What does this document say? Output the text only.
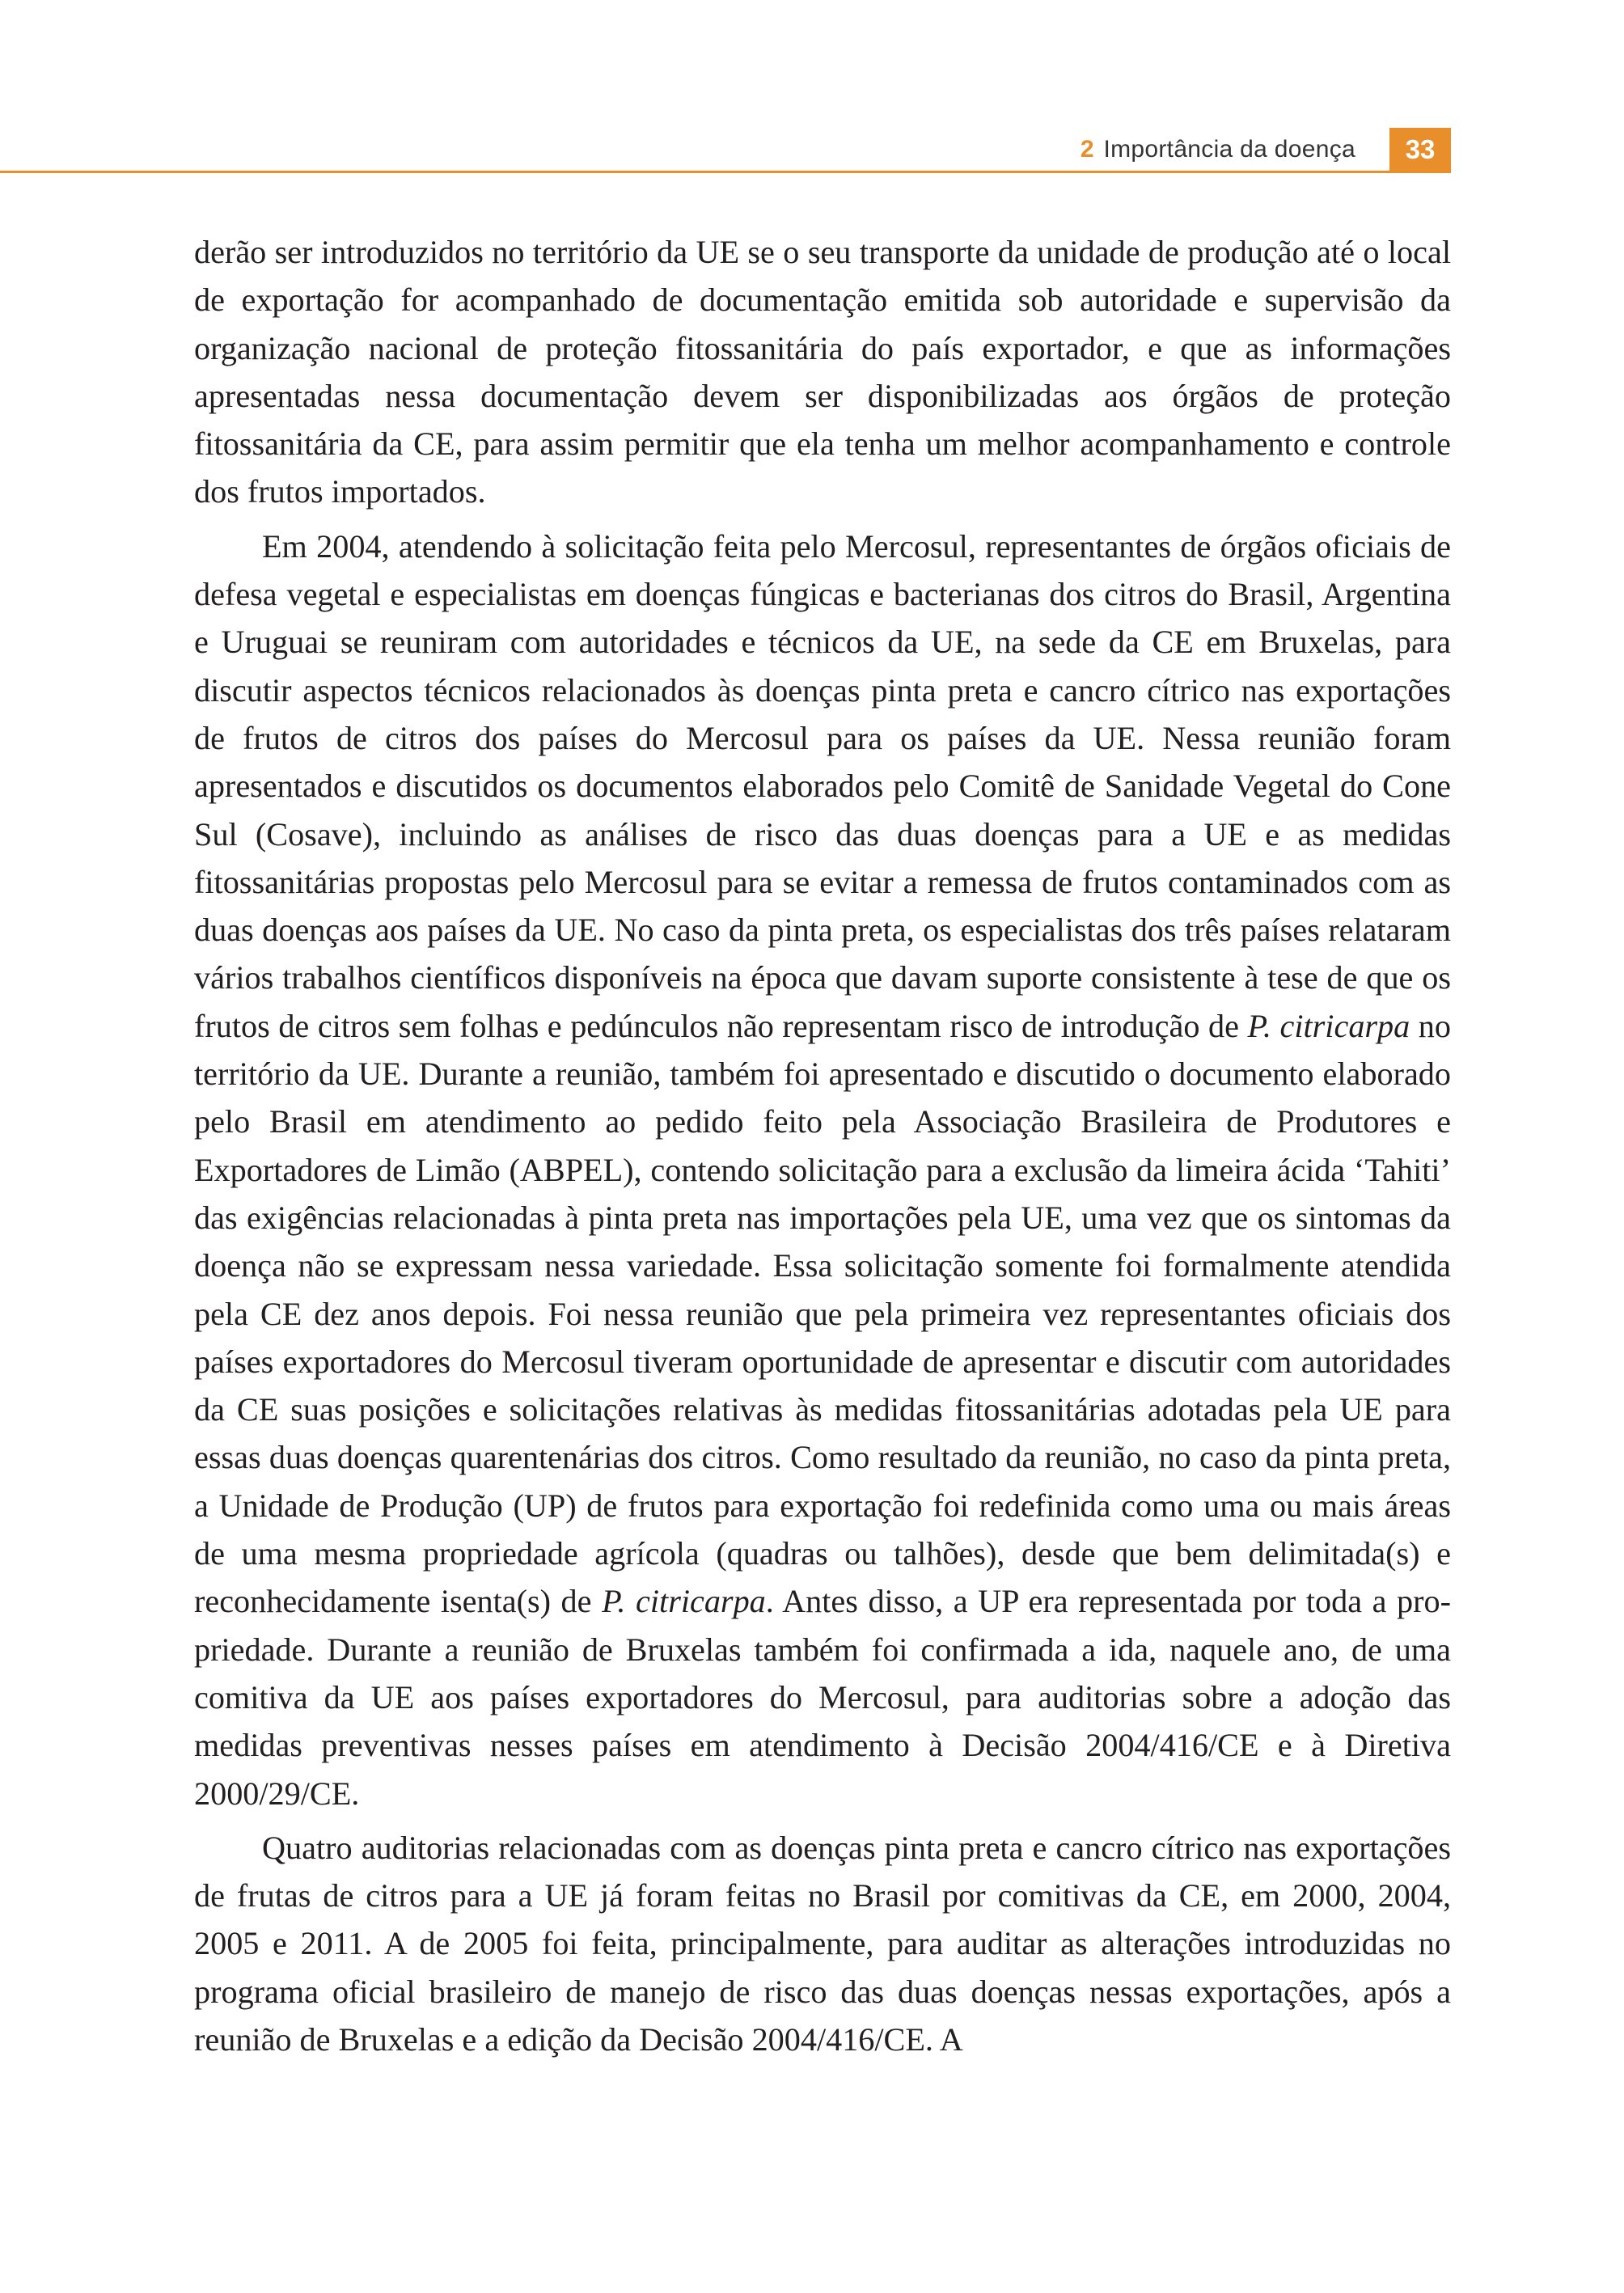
2 Importância da doença	33

derão ser introduzidos no território da UE se o seu transporte da unidade de produção até o local de exportação for acompanhado de documentação emitida sob autoridade e supervisão da organização nacional de proteção fitossanitária do país exportador, e que as informações apresentadas nessa documentação devem ser disponibilizadas aos órgãos de proteção fitossanitária da CE, para assim permitir que ela tenha um melhor acompanhamento e controle dos frutos importados.

Em 2004, atendendo à solicitação feita pelo Mercosul, representantes de órgãos oficiais de defesa vegetal e especialistas em doenças fúngicas e bacterianas dos citros do Brasil, Argentina e Uruguai se reuniram com autoridades e técnicos da UE, na sede da CE em Bruxelas, para discutir aspectos técnicos relacionados às doenças pinta preta e cancro cítrico nas exportações de frutos de citros dos países do Mercosul para os países da UE. Nessa reunião foram apresentados e discutidos os documentos elaborados pelo Comitê de Sanidade Vegetal do Cone Sul (Cosave), incluindo as análises de risco das duas doenças para a UE e as medidas fitossanitárias propostas pelo Mercosul para se evitar a remessa de frutos contaminados com as duas doenças aos países da UE. No caso da pinta preta, os especialistas dos três países relataram vários trabalhos científicos disponíveis na época que davam suporte consistente à tese de que os frutos de citros sem folhas e pedúnculos não representam risco de introdução de P. citricarpa no território da UE. Durante a reunião, também foi apresentado e discutido o documento elaborado pelo Brasil em atendimento ao pedido feito pela Associação Brasileira de Produtores e Exportadores de Limão (ABPEL), contendo solicitação para a exclusão da limeira ácida ‘Tahiti’ das exigências relacionadas à pinta preta nas importações pela UE, uma vez que os sintomas da doença não se expressam nessa variedade. Essa solicitação somente foi formalmente atendida pela CE dez anos depois. Foi nessa reunião que pela primeira vez representantes oficiais dos países exportadores do Mercosul tiveram oportunidade de apresentar e discutir com autoridades da CE suas posições e solicitações relativas às medidas fitossanitárias adotadas pela UE para essas duas doenças quarentenárias dos citros. Como resultado da reunião, no caso da pinta preta, a Unidade de Produção (UP) de frutos para exportação foi redefinida como uma ou mais áreas de uma mesma propriedade agrícola (quadras ou talhões), desde que bem delimitada(s) e reconhecidamente isenta(s) de P. citricarpa. Antes disso, a UP era representada por toda a propriedade. Durante a reunião de Bruxelas também foi confirmada a ida, naquele ano, de uma comitiva da UE aos países exportadores do Mercosul, para auditorias sobre a adoção das medidas preventivas nesses países em atendimento à Decisão 2004/416/CE e à Diretiva 2000/29/CE.

Quatro auditorias relacionadas com as doenças pinta preta e cancro cítrico nas exportações de frutas de citros para a UE já foram feitas no Brasil por comitivas da CE, em 2000, 2004, 2005 e 2011. A de 2005 foi feita, principalmente, para auditar as alterações introduzidas no programa oficial brasileiro de manejo de risco das duas doenças nessas exportações, após a reunião de Bruxelas e a edição da Decisão 2004/416/CE. A
